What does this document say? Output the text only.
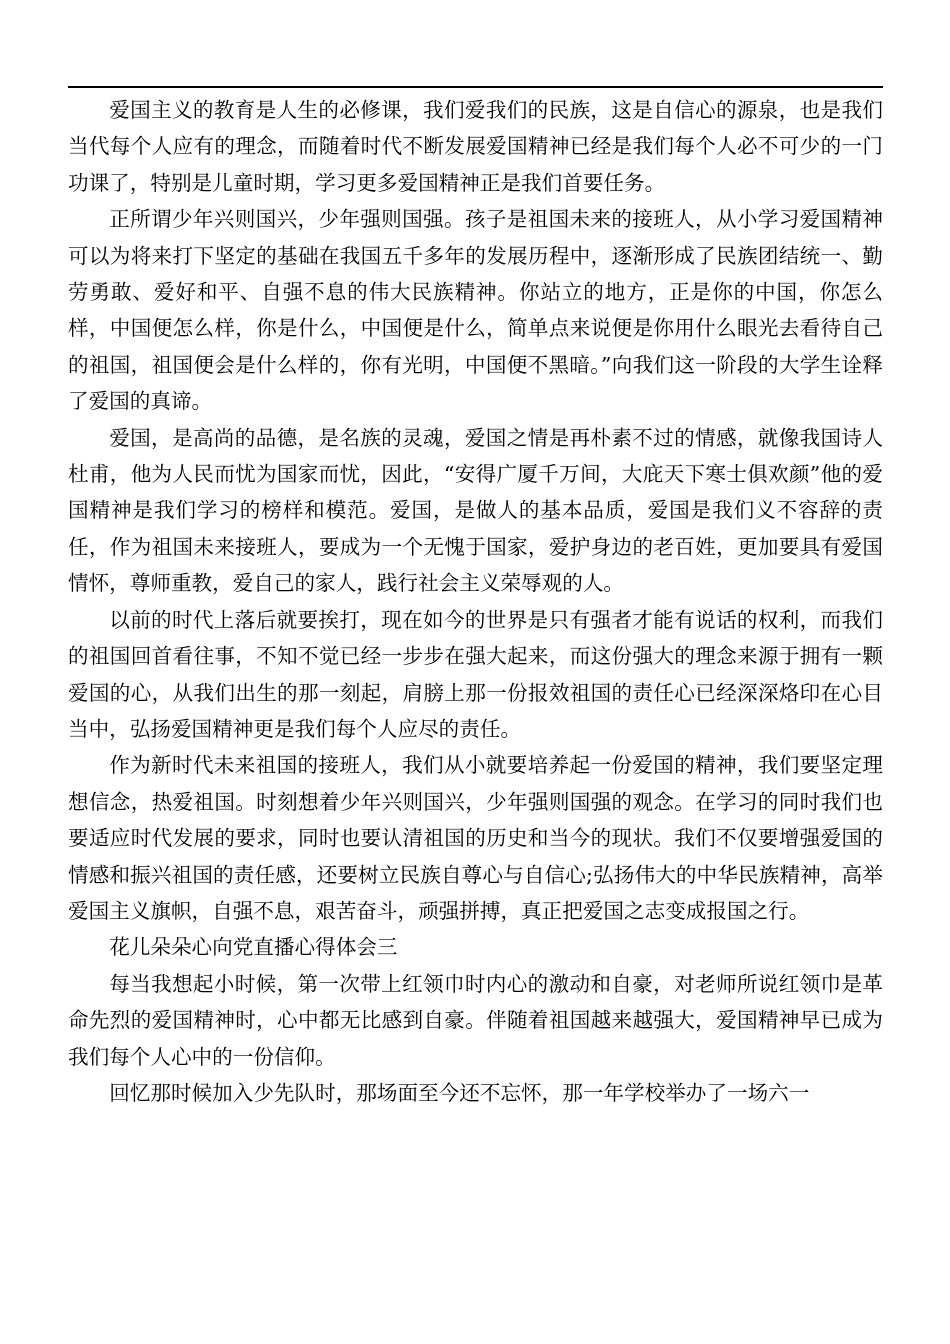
爱国主义的教育是人生的必修课，我们爱我们的民族，这是自信心的源泉，也是我们当代每个人应有的理念，而随着时代不断发展爱国精神已经是我们每个人必不可少的一门功课了，特别是儿童时期，学习更多爱国精神正是我们首要任务。

正所谓少年兴则国兴，少年强则国强。孩子是祖国未来的接班人，从小学习爱国精神可以为将来打下坚定的基础在我国五千多年的发展历程中，逐渐形成了民族团结统一、勤劳勇敢、爱好和平、自强不息的伟大民族精神。你站立的地方，正是你的中国，你怎么样，中国便怎么样，你是什么，中国便是什么，简单点来说便是你用什么眼光去看待自己的祖国，祖国便会是什么样的，你有光明，中国便不黑暗。”向我们这一阶段的大学生诠释了爱国的真谛。

爱国，是高尚的品德，是名族的灵魂，爱国之情是再朴素不过的情感，就像我国诗人杜甫，他为人民而忧为国家而忧，因此，“安得广厦千万间，大庇天下寒士俱欢颜”他的爱国精神是我们学习的榜样和模范。爱国，是做人的基本品质，爱国是我们义不容辞的责任，作为祖国未来接班人，要成为一个无愧于国家，爱护身边的老百姓，更加要具有爱国情怀，尊师重教，爱自己的家人，践行社会主义荣辱观的人。

以前的时代上落后就要挨打，现在如今的世界是只有强者才能有说话的权利，而我们的祖国回首看往事，不知不觉已经一步步在强大起来，而这份强大的理念来源于拥有一颗爱国的心，从我们出生的那一刻起，肩膀上那一份报效祖国的责任心已经深深烙印在心目当中，弘扬爱国精神更是我们每个人应尽的责任。

作为新时代未来祖国的接班人，我们从小就要培养起一份爱国的精神，我们要坚定理想信念，热爱祖国。时刻想着少年兴则国兴，少年强则国强的观念。在学习的同时我们也要适应时代发展的要求，同时也要认清祖国的历史和当今的现状。我们不仅要增强爱国的情感和振兴祖国的责任感，还要树立民族自尊心与自信心;弘扬伟大的中华民族精神，高举爱国主义旗帜，自强不息，艰苦奋斗，顽强拼搏，真正把爱国之志变成报国之行。

花儿朵朵心向党直播心得体会三

每当我想起小时候，第一次带上红领巾时内心的激动和自豪，对老师所说红领巾是革命先烈的爱国精神时，心中都无比感到自豪。伴随着祖国越来越强大，爱国精神早已成为我们每个人心中的一份信仰。

回忆那时候加入少先队时，那场面至今还不忘怀，那一年学校举办了一场六一
